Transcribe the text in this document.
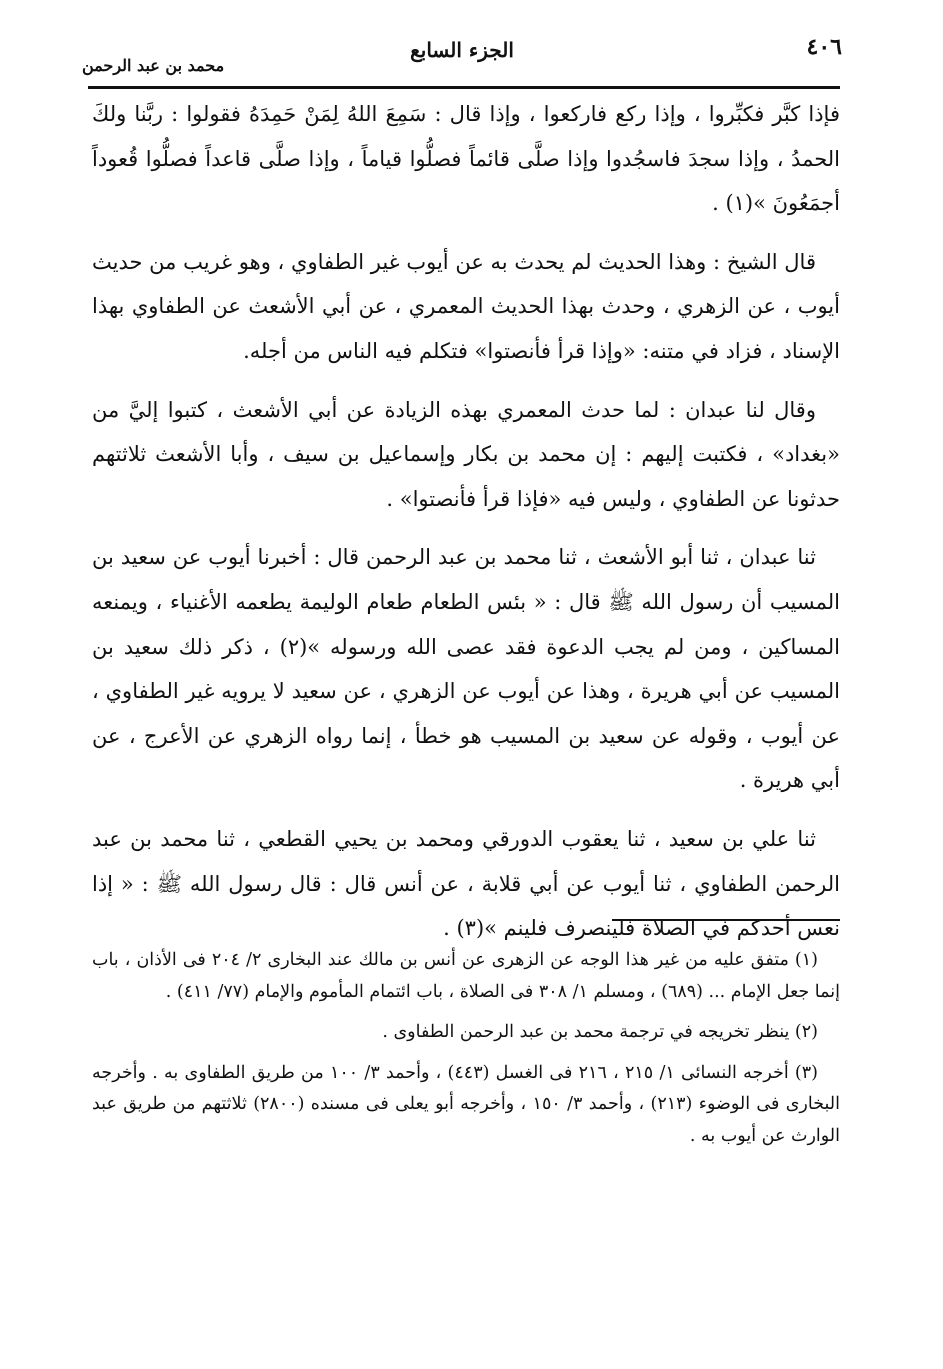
٤٠٦
الجزء السابع
محمد بن عبد الرحمن

فإذا كبَّر فكبِّروا ، وإذا ركع فاركعوا ، وإذا قال : سَمِعَ اللهُ لِمَنْ حَمِدَهُ فقولوا : ربَّنا ولكَ الحمدُ ، وإذا سجدَ فاسجُدوا وإذا صلَّى قائماً فصلُّوا قياماً ، وإذا صلَّى قاعداً فصلُّوا قُعوداً أجمَعُونَ »(١) .

قال الشيخ : وهذا الحديث لم يحدث به عن أيوب غير الطفاوي ، وهو غريب من حديث أيوب ، عن الزهري ، وحدث بهذا الحديث المعمري ، عن أبي الأشعث عن الطفاوي بهذا الإسناد ، فزاد في متنه: «وإذا قرأ فأنصتوا» فتكلم فيه الناس من أجله.

وقال لنا عبدان : لما حدث المعمري بهذه الزيادة عن أبي الأشعث ، كتبوا إليَّ من «بغداد» ، فكتبت إليهم : إن محمد بن بكار وإسماعيل بن سيف ، وأبا الأشعث ثلاثتهم حدثونا عن الطفاوي ، وليس فيه «فإذا قرأ فأنصتوا» .

ثنا عبدان ، ثنا أبو الأشعث ، ثنا محمد بن عبد الرحمن قال : أخبرنا أيوب عن سعيد بن المسيب أن رسول الله ﷺ قال : « بئس الطعام طعام الوليمة يطعمه الأغنياء ، ويمنعه المساكين ، ومن لم يجب الدعوة فقد عصى الله ورسوله »(٢) ، ذكر ذلك سعيد بن المسيب عن أبي هريرة ، وهذا عن أيوب عن الزهري ، عن سعيد لا يرويه غير الطفاوي ، عن أيوب ، وقوله عن سعيد بن المسيب هو خطأ ، إنما رواه الزهري عن الأعرج ، عن أبي هريرة .

ثنا علي بن سعيد ، ثنا يعقوب الدورقي ومحمد بن يحيي القطعي ، ثنا محمد بن عبد الرحمن الطفاوي ، ثنا أيوب عن أبي قلابة ، عن أنس قال : قال رسول الله ﷺ : « إذا نعس أحدكم في الصلاة فلينصرف فلينم »(٣) .

(١) متفق عليه من غير هذا الوجه عن الزهرى عن أنس بن مالك عند البخارى ٢/ ٢٠٤ فى الأذان ، باب إنما جعل الإمام ... (٦٨٩) ، ومسلم ١/ ٣٠٨ فى الصلاة ، باب ائتمام المأموم والإمام (٧٧/ ٤١١) .

(٢) ينظر تخريجه في ترجمة محمد بن عبد الرحمن الطفاوى .

(٣) أخرجه النسائى ١/ ٢١٥ ، ٢١٦ فى الغسل (٤٤٣) ، وأحمد ٣/ ١٠٠ من طريق الطفاوى به . وأخرجه البخارى فى الوضوء (٢١٣) ، وأحمد ٣/ ١٥٠ ، وأخرجه أبو يعلى فى مسنده (٢٨٠٠) ثلاثتهم من طريق عبد الوارث عن أيوب به .
